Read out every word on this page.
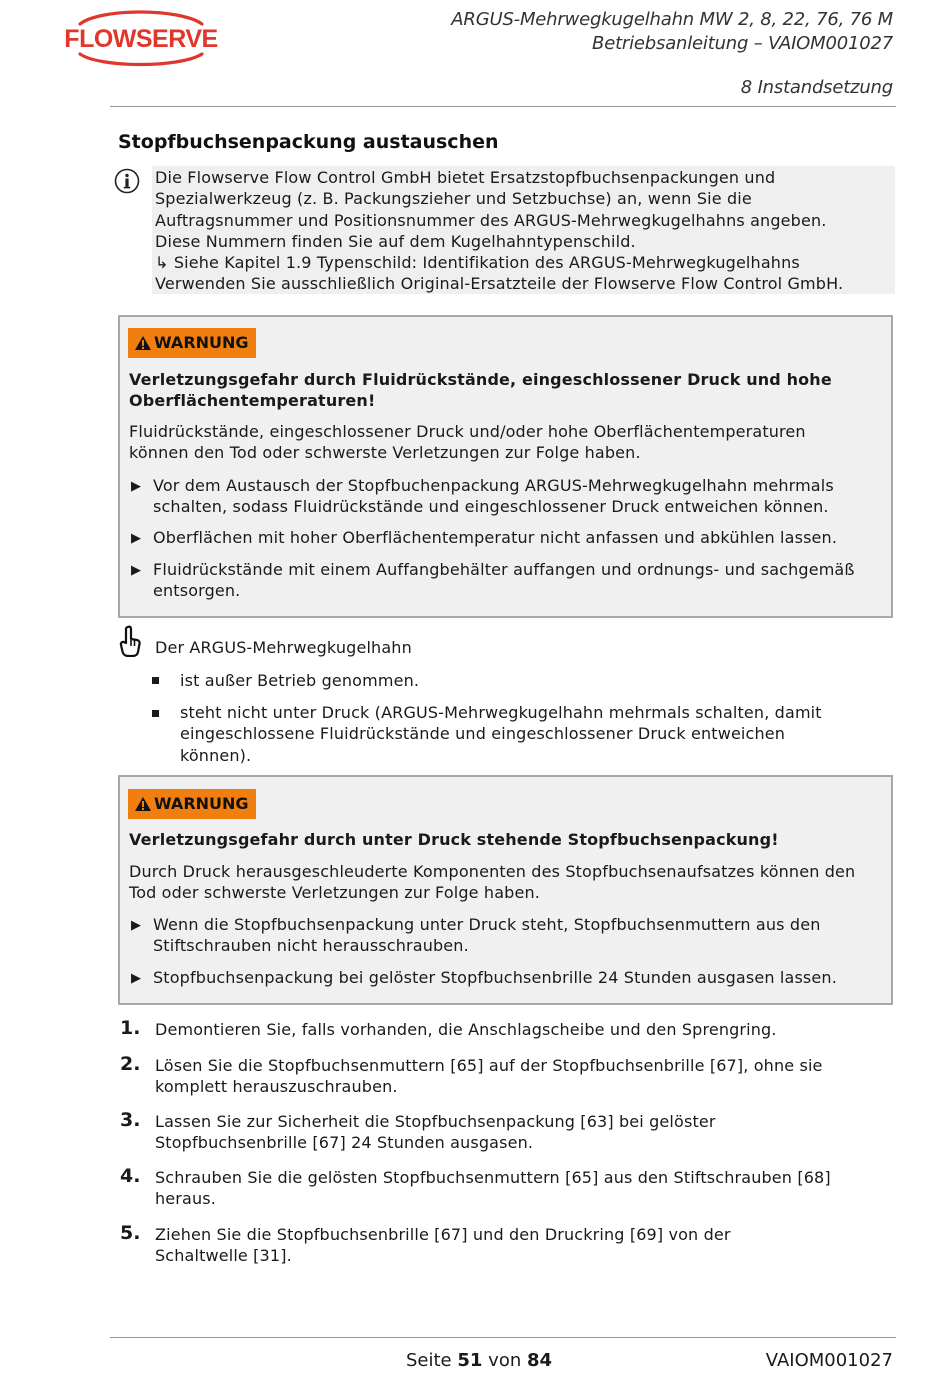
FLOWSERVE
ARGUS-Mehrwegkugelhahn MW 2, 8, 22, 76, 76 M
Betriebsanleitung – VAIOM001027
8 Instandsetzung
Stopfbuchsenpackung austauschen
Die Flowserve Flow Control GmbH bietet Ersatzstopfbuchsenpackungen und
Spezialwerkzeug (z. B. Packungszieher und Setzbuchse) an, wenn Sie die
Auftragsnummer und Positionsnummer des ARGUS-Mehrwegkugelhahns angeben.
Diese Nummern finden Sie auf dem Kugelhahntypenschild.
↳ Siehe Kapitel 1.9 Typenschild: Identifikation des ARGUS-Mehrwegkugelhahns
Verwenden Sie ausschließlich Original-Ersatzteile der Flowserve Flow Control GmbH.
WARNUNG
Verletzungsgefahr durch Fluidrückstände, eingeschlossener Druck und hohe
Oberflächentemperaturen!
Fluidrückstände, eingeschlossener Druck und/oder hohe Oberflächentemperaturen
können den Tod oder schwerste Verletzungen zur Folge haben.
▶ Vor dem Austausch der Stopfbuchenpackung ARGUS-Mehrwegkugelhahn mehrmals
schalten, sodass Fluidrückstände und eingeschlossener Druck entweichen können.
▶ Oberflächen mit hoher Oberflächentemperatur nicht anfassen und abkühlen lassen.
▶ Fluidrückstände mit einem Auffangbehälter auffangen und ordnungs- und sachgemäß
entsorgen.
Der ARGUS-Mehrwegkugelhahn
ist außer Betrieb genommen.
steht nicht unter Druck (ARGUS-Mehrwegkugelhahn mehrmals schalten, damit
eingeschlossene Fluidrückstände und eingeschlossener Druck entweichen
können).
WARNUNG
Verletzungsgefahr durch unter Druck stehende Stopfbuchsenpackung!
Durch Druck herausgeschleuderte Komponenten des Stopfbuchsenaufsatzes können den
Tod oder schwerste Verletzungen zur Folge haben.
▶ Wenn die Stopfbuchsenpackung unter Druck steht, Stopfbuchsenmuttern aus den
Stiftschrauben nicht herausschrauben.
▶ Stopfbuchsenpackung bei gelöster Stopfbuchsenbrille 24 Stunden ausgasen lassen.
1. Demontieren Sie, falls vorhanden, die Anschlagscheibe und den Sprengring.
2. Lösen Sie die Stopfbuchsenmuttern [65] auf der Stopfbuchsenbrille [67], ohne sie
komplett herauszuschrauben.
3. Lassen Sie zur Sicherheit die Stopfbuchsenpackung [63] bei gelöster
Stopfbuchsenbrille [67] 24 Stunden ausgasen.
4. Schrauben Sie die gelösten Stopfbuchsenmuttern [65] aus den Stiftschrauben [68]
heraus.
5. Ziehen Sie die Stopfbuchsenbrille [67] und den Druckring [69] von der
Schaltwelle [31].
Seite 51 von 84	VAIOM001027
